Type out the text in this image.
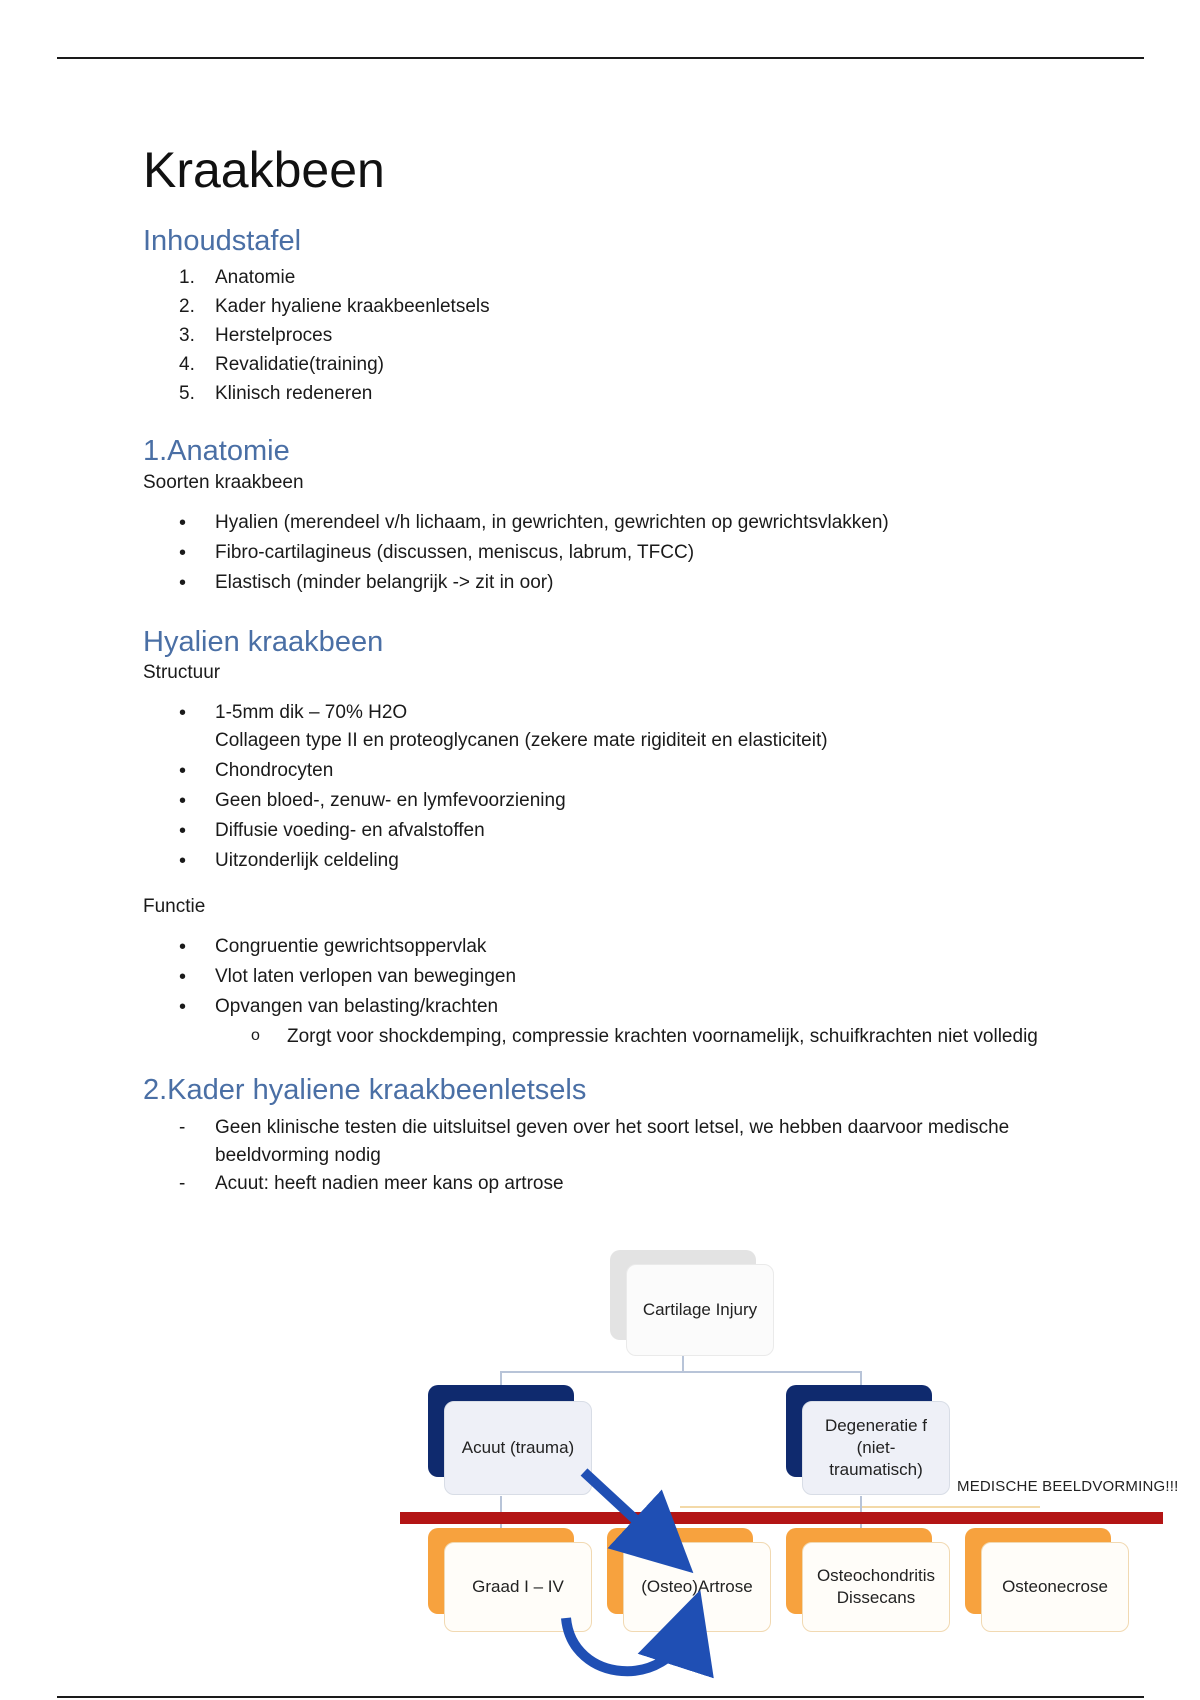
Kraakbeen
Inhoudstafel
1. Anatomie
2. Kader hyaliene kraakbeenletsels
3. Herstelproces
4. Revalidatie(training)
5. Klinisch redeneren
1.Anatomie

Soorten kraakbeen

• Hyalien (merendeel v/h lichaam, in gewrichten, gewrichten op gewrichtsvlakken)
• Fibro-cartilagineus (discussen, meniscus, labrum, TFCC)
• Elastisch (minder belangrijk -> zit in oor)
Hyalien kraakbeen

Structuur

• 1-5mm dik – 70% H2O
Collageen type II en proteoglycanen (zekere mate rigiditeit en elasticiteit)
• Chondrocyten
• Geen bloed-, zenuw- en lymfevoorziening
• Diffusie voeding- en afvalstoffen
• Uitzonderlijk celdeling

Functie

• Congruentie gewrichtsoppervlak
• Vlot laten verlopen van bewegingen
• Opvangen van belasting/krachten
o Zorgt voor shockdemping, compressie krachten voornamelijk, schuifkrachten niet volledig
2.Kader hyaliene kraakbeenletsels
- Geen klinische testen die uitsluitsel geven over het soort letsel, we hebben daarvoor medische beeldvorming nodig
- Acuut: heeft nadien meer kans op artrose
Cartilage Injury
Acuut (trauma)
Degeneratie f (niet-traumatisch)
MEDISCHE BEELDVORMING!!!
Graad I – IV	(Osteo)Artrose
Osteochondritis Dissecans
Osteonecrose
